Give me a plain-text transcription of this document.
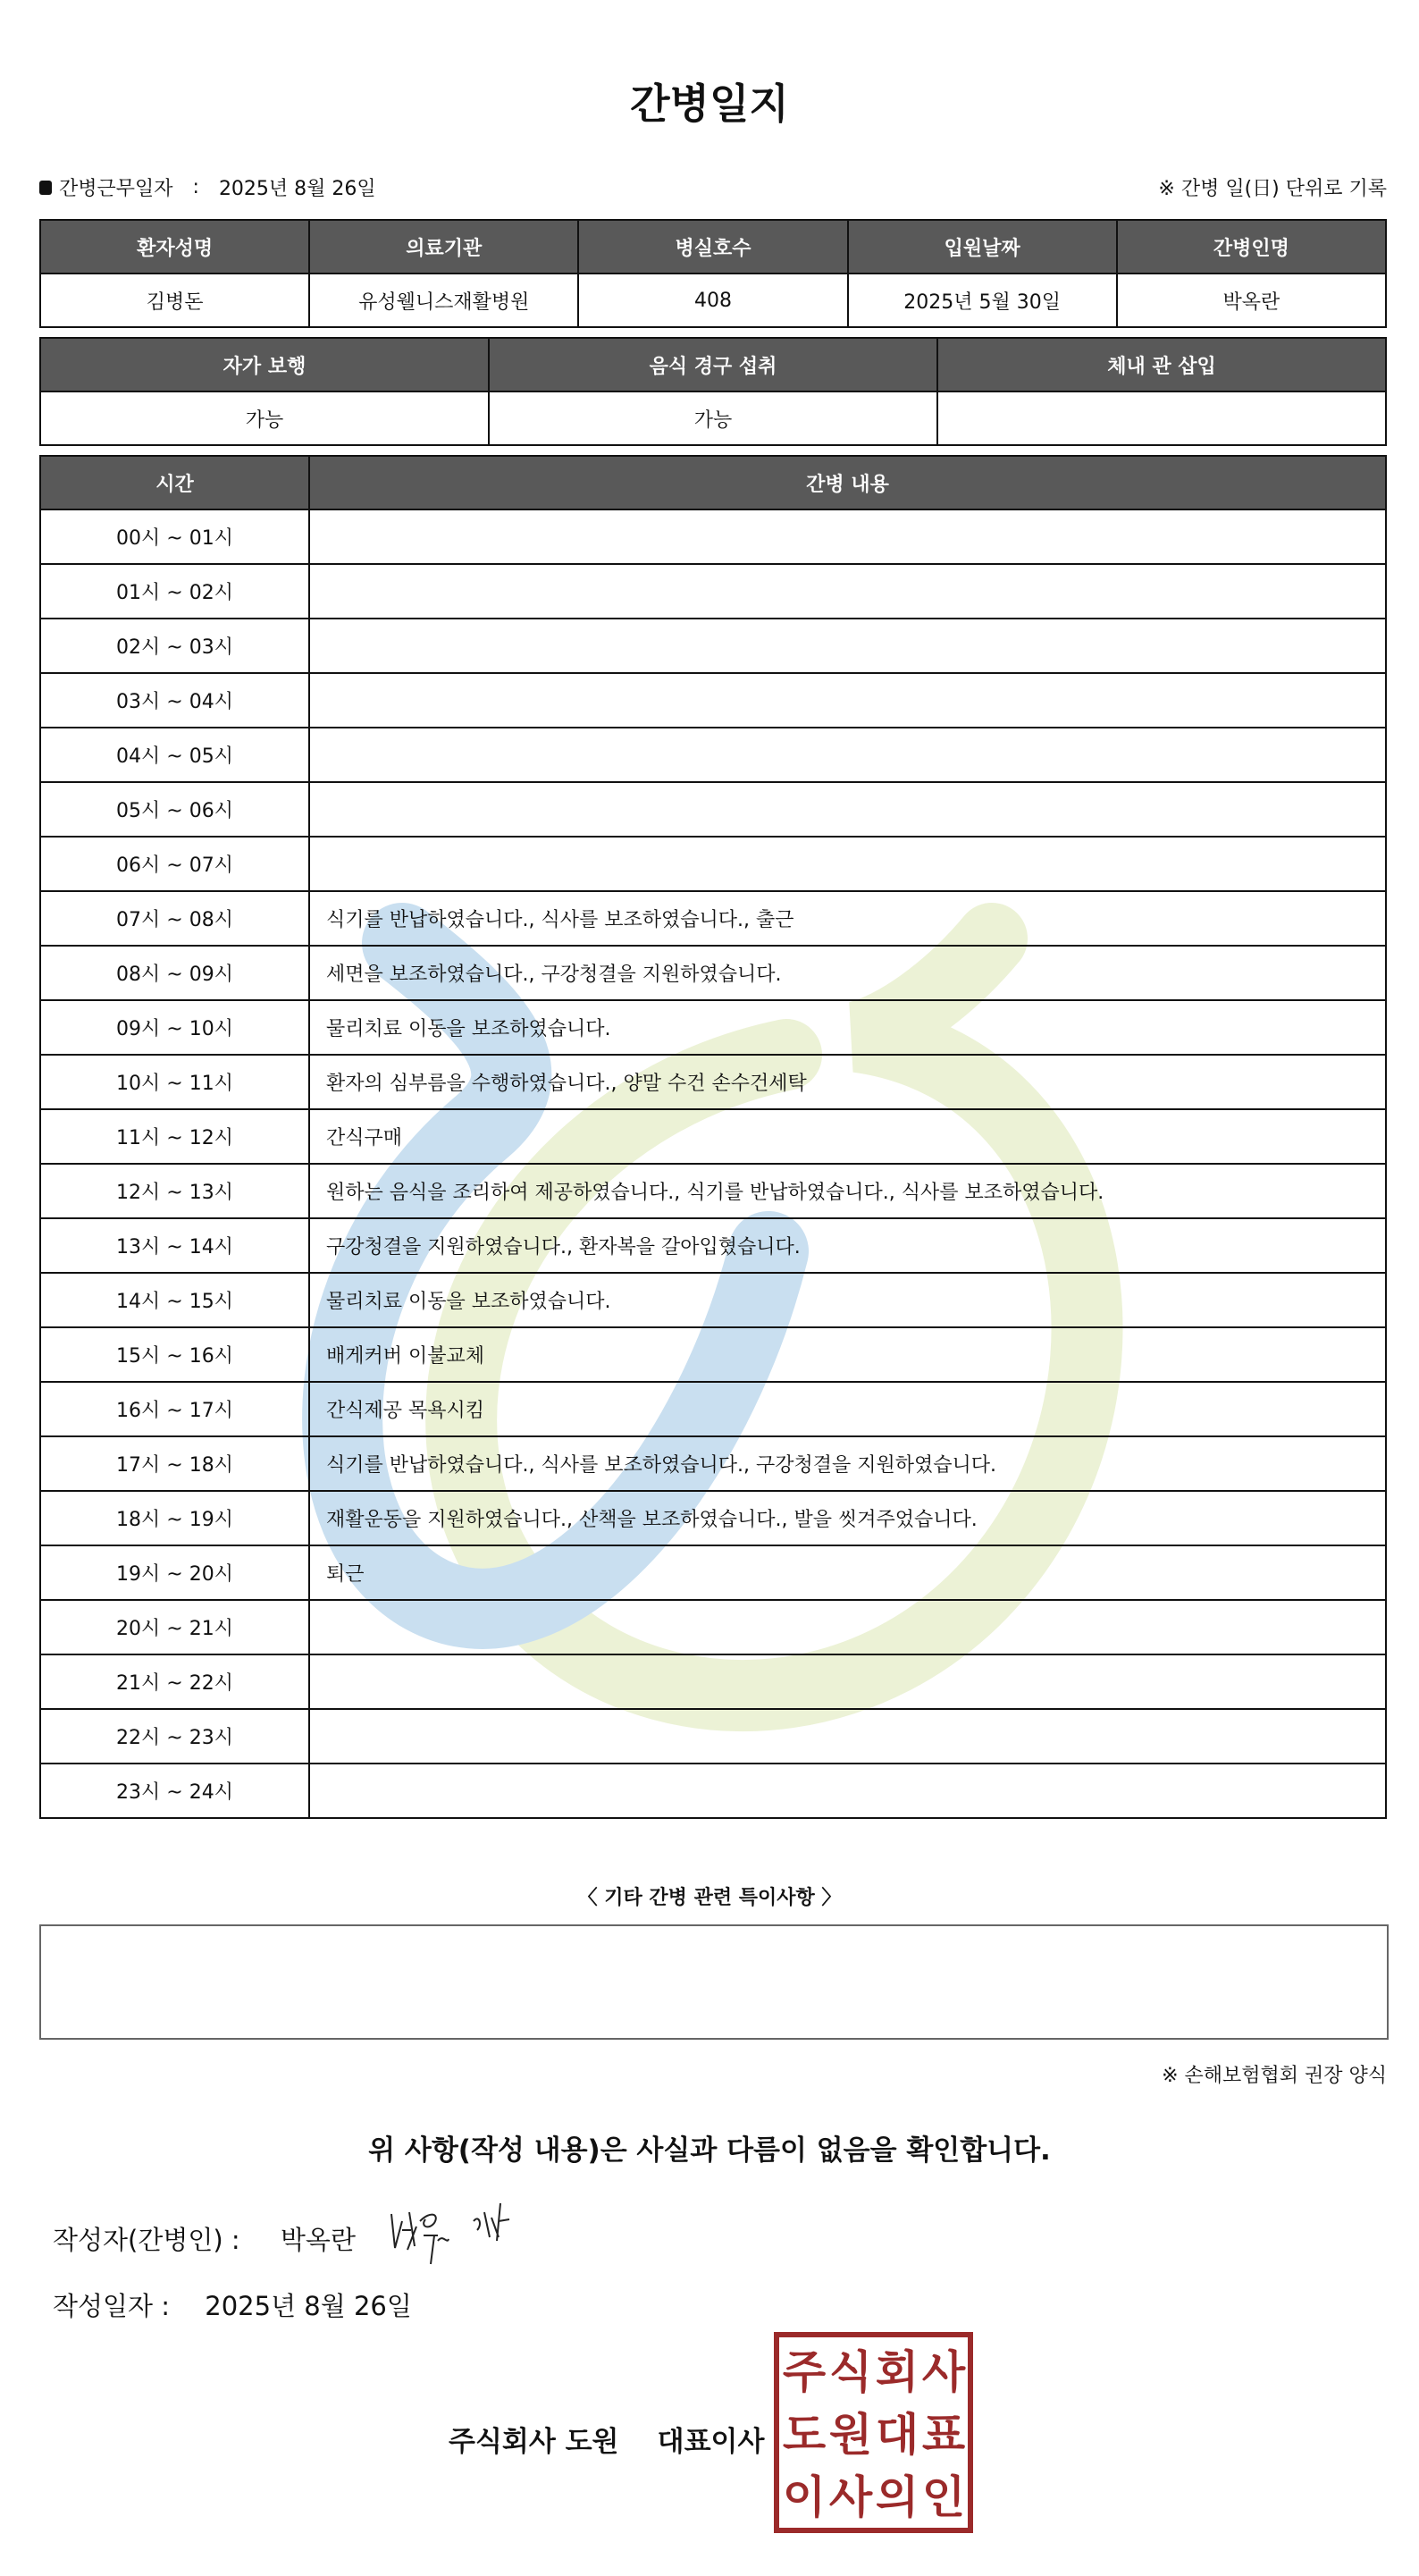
간병일지
간병근무일자 : 2025년 8월 26일	※ 간병 일(日) 단위로 기록
환자성명	의료기관	병실호수	입원날짜	간병인명
김병돈	유성웰니스재활병원	408	2025년 5월 30일	박옥란
자가 보행	음식 경구 섭취	체내 관 삽입
가능	가능	
시간	간병 내용
00시 ~ 01시	
01시 ~ 02시	
02시 ~ 03시	
03시 ~ 04시	
04시 ~ 05시	
05시 ~ 06시	
06시 ~ 07시	
07시 ~ 08시	식기를 반납하였습니다., 식사를 보조하였습니다., 출근
08시 ~ 09시	세면을 보조하였습니다., 구강청결을 지원하였습니다.
09시 ~ 10시	물리치료 이동을 보조하였습니다.
10시 ~ 11시	환자의 심부름을 수행하였습니다., 양말 수건 손수건세탁
11시 ~ 12시	간식구매
12시 ~ 13시	원하는 음식을 조리하여 제공하였습니다., 식기를 반납하였습니다., 식사를 보조하였습니다.
13시 ~ 14시	구강청결을 지원하였습니다., 환자복을 갈아입혔습니다.
14시 ~ 15시	물리치료 이동을 보조하였습니다.
15시 ~ 16시	배게커버 이불교체
16시 ~ 17시	간식제공 목욕시킴
17시 ~ 18시	식기를 반납하였습니다., 식사를 보조하였습니다., 구강청결을 지원하였습니다.
18시 ~ 19시	재활운동을 지원하였습니다., 산책을 보조하였습니다., 발을 씻겨주었습니다.
19시 ~ 20시	퇴근
20시 ~ 21시	
21시 ~ 22시	
22시 ~ 23시	
23시 ~ 24시	
〈 기타 간병 관련 특이사항 〉
※ 손해보험협회 권장 양식
위 사항(작성 내용)은 사실과 다름이 없음을 확인합니다.
작성자(간병인) : 박옥란
작성일자 : 2025년 8월 26일
주식회사 도원    대표이사
주 식 회 사
도 원 대 표
이 사 의 인
